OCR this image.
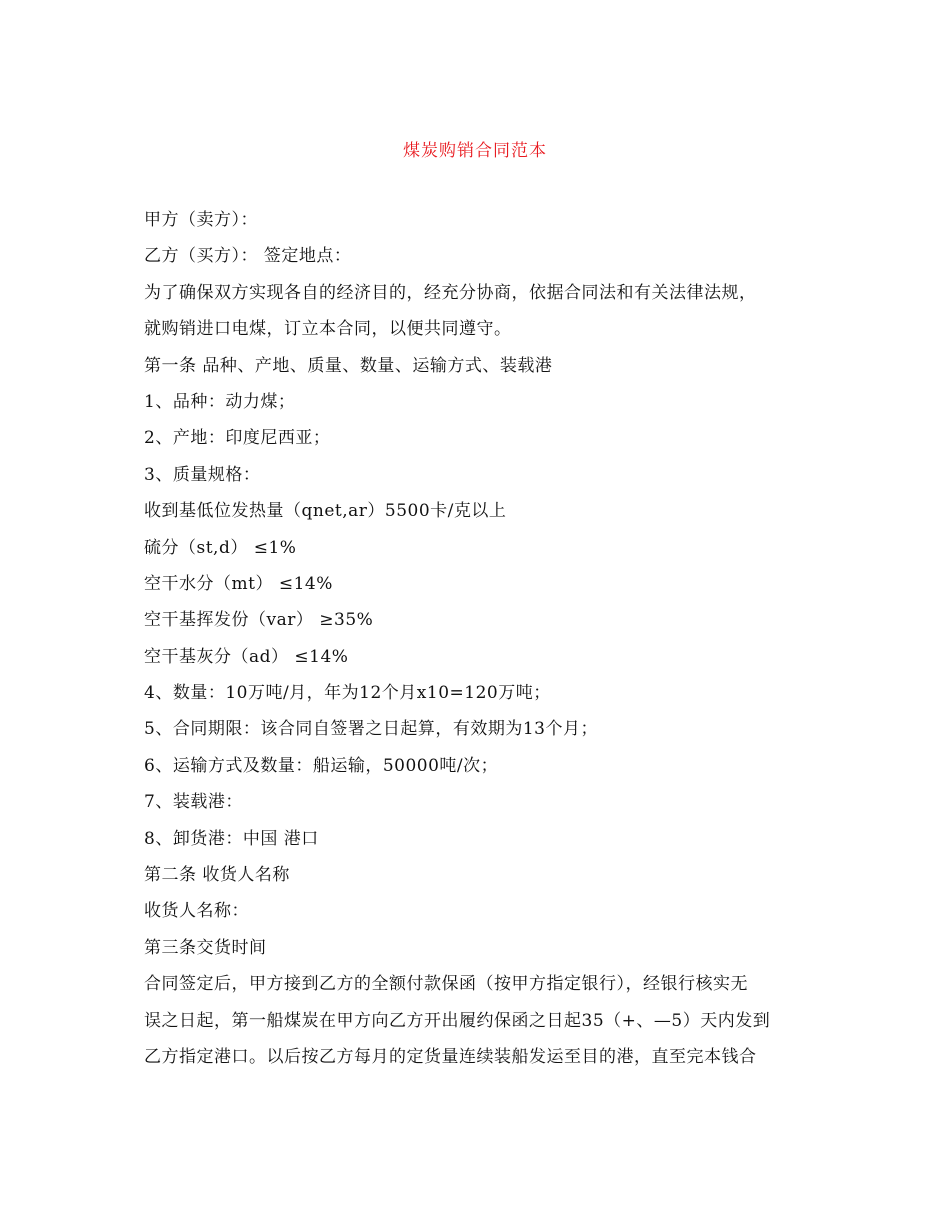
煤炭购销合同范本
甲方（卖方）：
乙方（买方）： 签定地点：
为了确保双方实现各自的经济目的，经充分协商，依据合同法和有关法律法规，
就购销进口电煤，订立本合同，以便共同遵守。
第一条 品种、产地、质量、数量、运输方式、装载港
1、品种：动力煤；
2、产地：印度尼西亚；
3、质量规格：
收到基低位发热量（qnet,ar）5500卡/克以上
硫分（st,d） ≤1%
空干水分（mt） ≤14%
空干基挥发份（var） ≥35%
空干基灰分（ad） ≤14%
4、数量：10万吨/月，年为12个月x10=120万吨；
5、合同期限：该合同自签署之日起算，有效期为13个月；
6、运输方式及数量：船运输，50000吨/次；
7、装载港：
8、卸货港：中国 港口
第二条 收货人名称
收货人名称：
第三条交货时间
合同签定后，甲方接到乙方的全额付款保函（按甲方指定银行），经银行核实无
误之日起，第一船煤炭在甲方向乙方开出履约保函之日起35（+、—5）天内发到
乙方指定港口。以后按乙方每月的定货量连续装船发运至目的港，直至完本钱合
